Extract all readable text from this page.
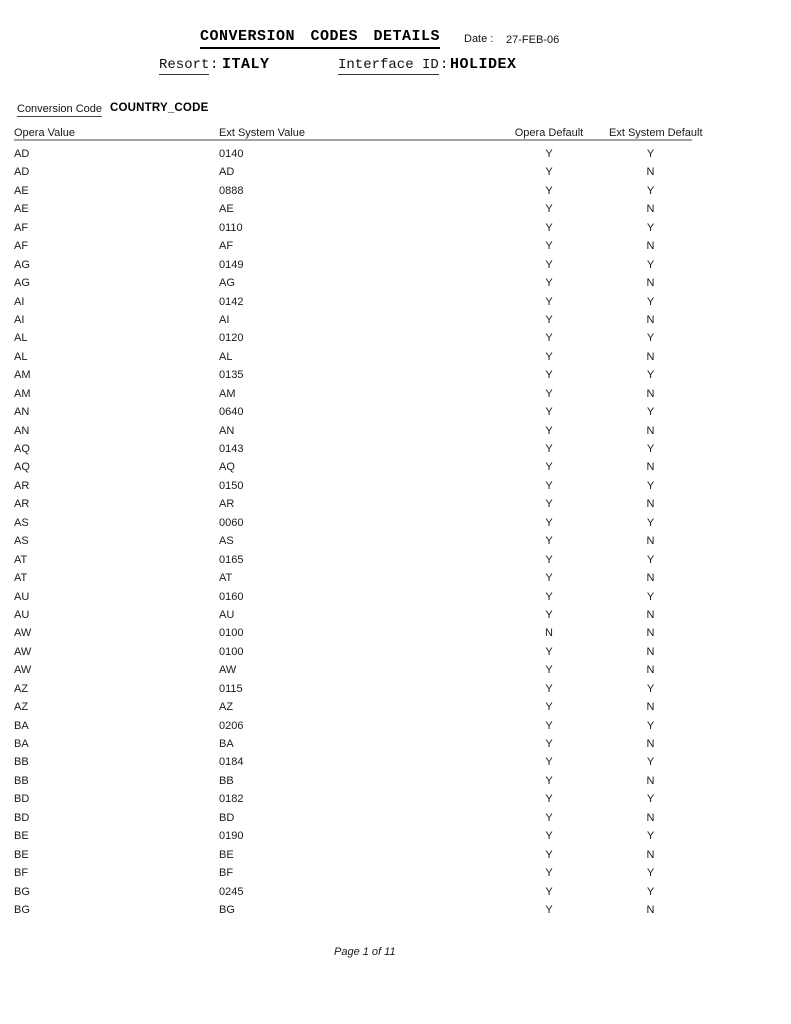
CONVERSION CODES DETAILS Date : 27-FEB-06
Resort : ITALY	Interface ID : HOLIDEX
Conversion Code COUNTRY_CODE
Opera Value	Ext System Value	Opera Default	Ext System Default
AD	0140	Y	Y
AD	AD	Y	N
AE	0888	Y	Y
AE	AE	Y	N
AF	0110	Y	Y
AF	AF	Y	N
AG	0149	Y	Y
AG	AG	Y	N
AI	0142	Y	Y
AI	AI	Y	N
AL	0120	Y	Y
AL	AL	Y	N
AM	0135	Y	Y
AM	AM	Y	N
AN	0640	Y	Y
AN	AN	Y	N
AQ	0143	Y	Y
AQ	AQ	Y	N
AR	0150	Y	Y
AR	AR	Y	N
AS	0060	Y	Y
AS	AS	Y	N
AT	0165	Y	Y
AT	AT	Y	N
AU	0160	Y	Y
AU	AU	Y	N
AW	0100	N	N
AW	0100	Y	N
AW	AW	Y	N
AZ	0115	Y	Y
AZ	AZ	Y	N
BA	0206	Y	Y
BA	BA	Y	N
BB	0184	Y	Y
BB	BB	Y	N
BD	0182	Y	Y
BD	BD	Y	N
BE	0190	Y	Y
BE	BE	Y	N
BF	BF	Y	Y
BG	0245	Y	Y
BG	BG	Y	N
Page 1 of 11
